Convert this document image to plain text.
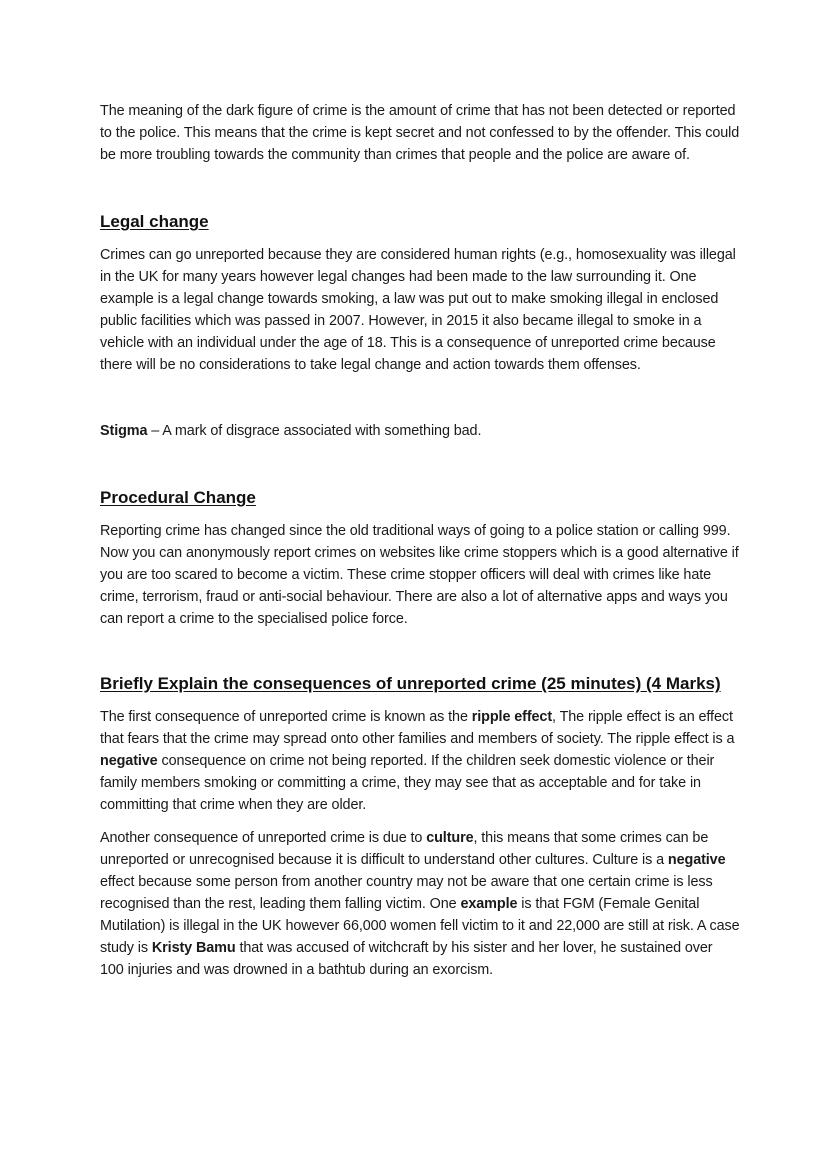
The meaning of the dark figure of crime is the amount of crime that has not been detected or reported to the police. This means that the crime is kept secret and not confessed to by the offender. This could be more troubling towards the community than crimes that people and the police are aware of.

Legal change

Crimes can go unreported because they are considered human rights (e.g., homosexuality was illegal in the UK for many years however legal changes had been made to the law surrounding it. One example is a legal change towards smoking, a law was put out to make smoking illegal in enclosed public facilities which was passed in 2007. However, in 2015 it also became illegal to smoke in a vehicle with an individual under the age of 18. This is a consequence of unreported crime because there will be no considerations to take legal change and action towards them offenses.

Stigma – A mark of disgrace associated with something bad.

Procedural Change

Reporting crime has changed since the old traditional ways of going to a police station or calling 999. Now you can anonymously report crimes on websites like crime stoppers which is a good alternative if you are too scared to become a victim. These crime stopper officers will deal with crimes like hate crime, terrorism, fraud or anti-social behaviour. There are also a lot of alternative apps and ways you can report a crime to the specialised police force.

Briefly Explain the consequences of unreported crime (25 minutes) (4 Marks)

The first consequence of unreported crime is known as the ripple effect, The ripple effect is an effect that fears that the crime may spread onto other families and members of society. The ripple effect is a negative consequence on crime not being reported. If the children seek domestic violence or their family members smoking or committing a crime, they may see that as acceptable and for take in committing that crime when they are older.

Another consequence of unreported crime is due to culture, this means that some crimes can be unreported or unrecognised because it is difficult to understand other cultures. Culture is a negative effect because some person from another country may not be aware that one certain crime is less recognised than the rest, leading them falling victim. One example is that FGM (Female Genital Mutilation) is illegal in the UK however 66,000 women fell victim to it and 22,000 are still at risk. A case study is Kristy Bamu that was accused of witchcraft by his sister and her lover, he sustained over 100 injuries and was drowned in a bathtub during an exorcism.
